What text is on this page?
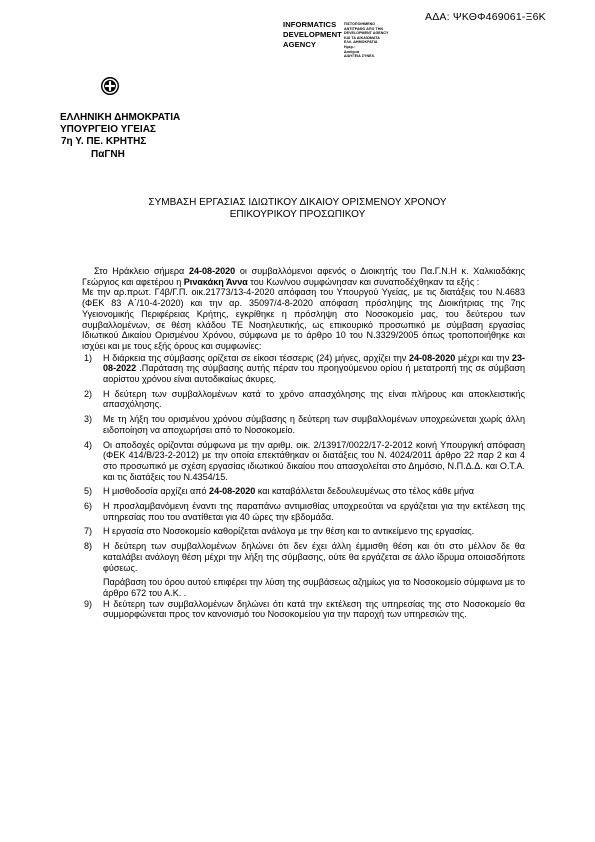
ΑΔΑ: ΨΚΘΦ469061-Ξ6Κ
INFORMATICS
DEVELOPMENT
AGENCY
ΠΙΣΤΟΠΟΙΗΜΕΝΟ
ΑΝΤΙΓΡΑΦΟ ΑΠΟ ΤΗΝ
DEVELOPMENT AGENCY
ΚΑΙ ΤΑ ΔΙΚΑΙΩΜΑΤΑ
ΕΛΛ. ΔΗΜΟΚΡΑΤΙΑ
Ημερ.:
Διαύγεια
ΔΙΑΥΓΕΙΑ ΣΥΝΕΧ.
ΕΛΛΗΝΙΚΗ ΔΗΜΟΚΡΑΤΙΑ
ΥΠΟΥΡΓΕΙΟ ΥΓΕΙΑΣ
7η Υ. ΠΕ. ΚΡΗΤΗΣ
ΠαΓΝΗ
ΣΥΜΒΑΣΗ ΕΡΓΑΣΙΑΣ ΙΔΙΩΤΙΚΟΥ ΔΙΚΑΙΟΥ ΟΡΙΣΜΕΝΟΥ ΧΡΟΝΟΥ
ΕΠΙΚΟΥΡΙΚΟΥ ΠΡΟΣΩΠΙΚΟΥ

Στο Ηράκλειο σήμερα 24-08-2020 οι συμβαλλόμενοι αφενός ο Διοικητής του Πα.Γ.Ν.Η κ. Χαλκιαδάκης Γεώργιος και αφετέρου η Ρινακάκη Άννα του Κων/νου συμφώνησαν και συναποδέχθηκαν τα εξής :

Με την αρ.πρωτ. Γ4β/Γ.Π. οικ.21773/13-4-2020 απόφαση του Υπουργού Υγείας, με τις διατάξεις του Ν.4683 (ΦΕΚ 83 Α΄/10-4-2020) και την αρ. 35097/4-8-2020 απόφαση πρόσληψης της Διοικήτριας της 7ης Υγειονομικής Περιφέρειας Κρήτης, εγκρίθηκε η πρόσληψη στο Νοσοκομείο μας, του δεύτερου των συμβαλλομένων, σε θέση κλάδου ΤΕ Νοσηλευτικής, ως επικουρικό προσωπικό με σύμβαση εργασίας Ιδιωτικού Δικαίου Ορισμένου Χρόνου, σύμφωνα με το άρθρο 10 του Ν.3329/2005 όπως τροποποιήθηκε και ισχύει και με τους εξής όρους και συμφωνίες:

1) Η διάρκεια της σύμβασης ορίζεται σε είκοσι τέσσερις (24) μήνες, αρχίζει την 24-08-2020 μέχρι και την 23-08-2022 .Παράταση της σύμβασης αυτής πέραν του προηγούμενου ορίου ή μετατροπή της σε σύμβαση αορίστου χρόνου είναι αυτοδικαίως άκυρες.
2) Η δεύτερη των συμβαλλομένων κατά το χρόνο απασχόλησης της είναι πλήρους και αποκλειστικής απασχόλησης.
3) Με τη λήξη του ορισμένου χρόνου σύμβασης η δεύτερη των συμβαλλομένων υποχρεώνεται χωρίς άλλη ειδοποίηση να αποχωρήσει από το Νοσοκομείο.
4) Οι αποδοχές ορίζονται σύμφωνα με την αριθμ. οικ. 2/13917/0022/17-2-2012 κοινή Υπουργική απόφαση (ΦΕΚ 414/Β/23-2-2012) με την οποία επεκτάθηκαν οι διατάξεις του Ν. 4024/2011 άρθρο 22 παρ 2 και 4 στο προσωπικό με σχέση εργασίας ιδιωτικού δικαίου που απασχολείται στο Δημόσιο, Ν.Π.Δ.Δ. και Ο.Τ.Α. και τις διατάξεις του Ν.4354/15.
5) Η μισθοδοσία αρχίζει από 24-08-2020 και καταβάλλεται δεδουλευμένως στο τέλος κάθε μήνα
6) Η προσλαμβανόμενη έναντι της παραπάνω αντιμισθίας υποχρεούται να εργάζεται για την εκτέλεση της υπηρεσίας που του ανατίθεται για 40 ώρες την εβδομάδα.
7) Η εργασία στο Νοσοκομείο καθορίζεται ανάλογα με την θέση και το αντικείμενο της εργασίας.
8) Η δεύτερη των συμβαλλομένων δηλώνει ότι δεν έχει άλλη έμμισθη θέση και ότι στο μέλλον δε θα καταλάβει ανάλογη θέση μέχρι την λήξη της σύμβασης, ούτε θα εργάζεται σε άλλο ίδρυμα οποιασδήποτε φύσεως.

Παράβαση του όρου αυτού επιφέρει την λύση της συμβάσεως αζημίως για το Νοσοκομείο σύμφωνα με το άρθρο 672 του Α.Κ. .

9) Η δεύτερη των συμβαλλομένων δηλώνει ότι κατά την εκτέλεση της υπηρεσίας της στο Νοσοκομείο θα συμμορφώνεται προς τον κανονισμό του Νοσοκομείου για την παροχή των υπηρεσιών της.
